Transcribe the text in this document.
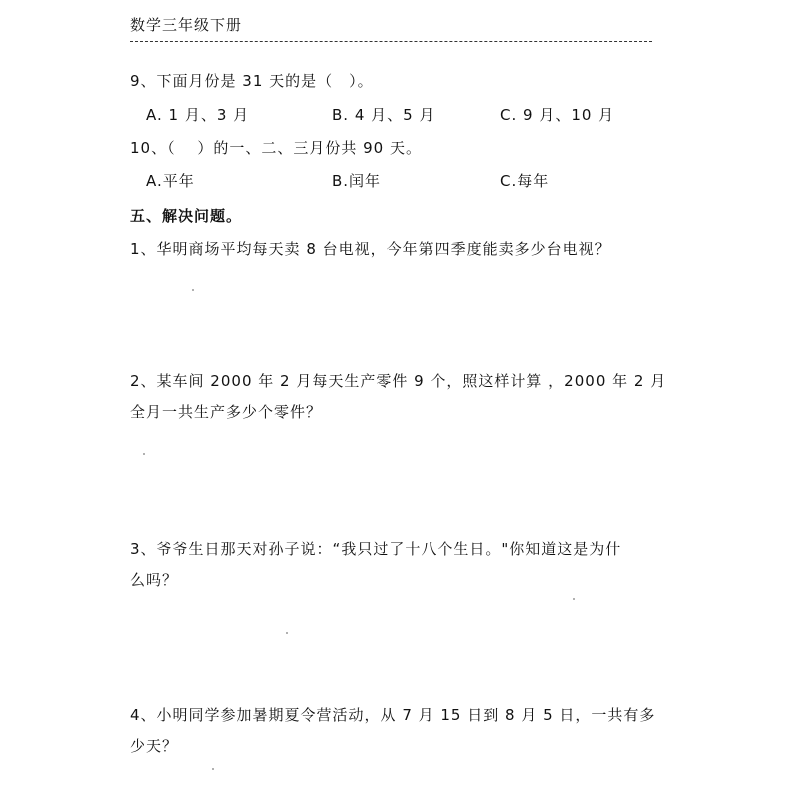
数学三年级下册
9、下面月份是 31 天的是（　）。
A. 1 月、3 月	B. 4 月、5 月	C. 9 月、10 月
10、（　 ）的一、二、三月份共 90 天。
A.平年	B.闰年	C.每年
五、解决问题。
1、华明商场平均每天卖 8 台电视，今年第四季度能卖多少台电视？
2、某车间 2000 年 2 月每天生产零件 9 个，照这样计算 ，2000 年 2 月
全月一共生产多少个零件？
3、爷爷生日那天对孙子说：“我只过了十八个生日。"你知道这是为什
么吗？
4、小明同学参加暑期夏令营活动，从 7 月 15 日到 8 月 5 日，一共有多
少天？
